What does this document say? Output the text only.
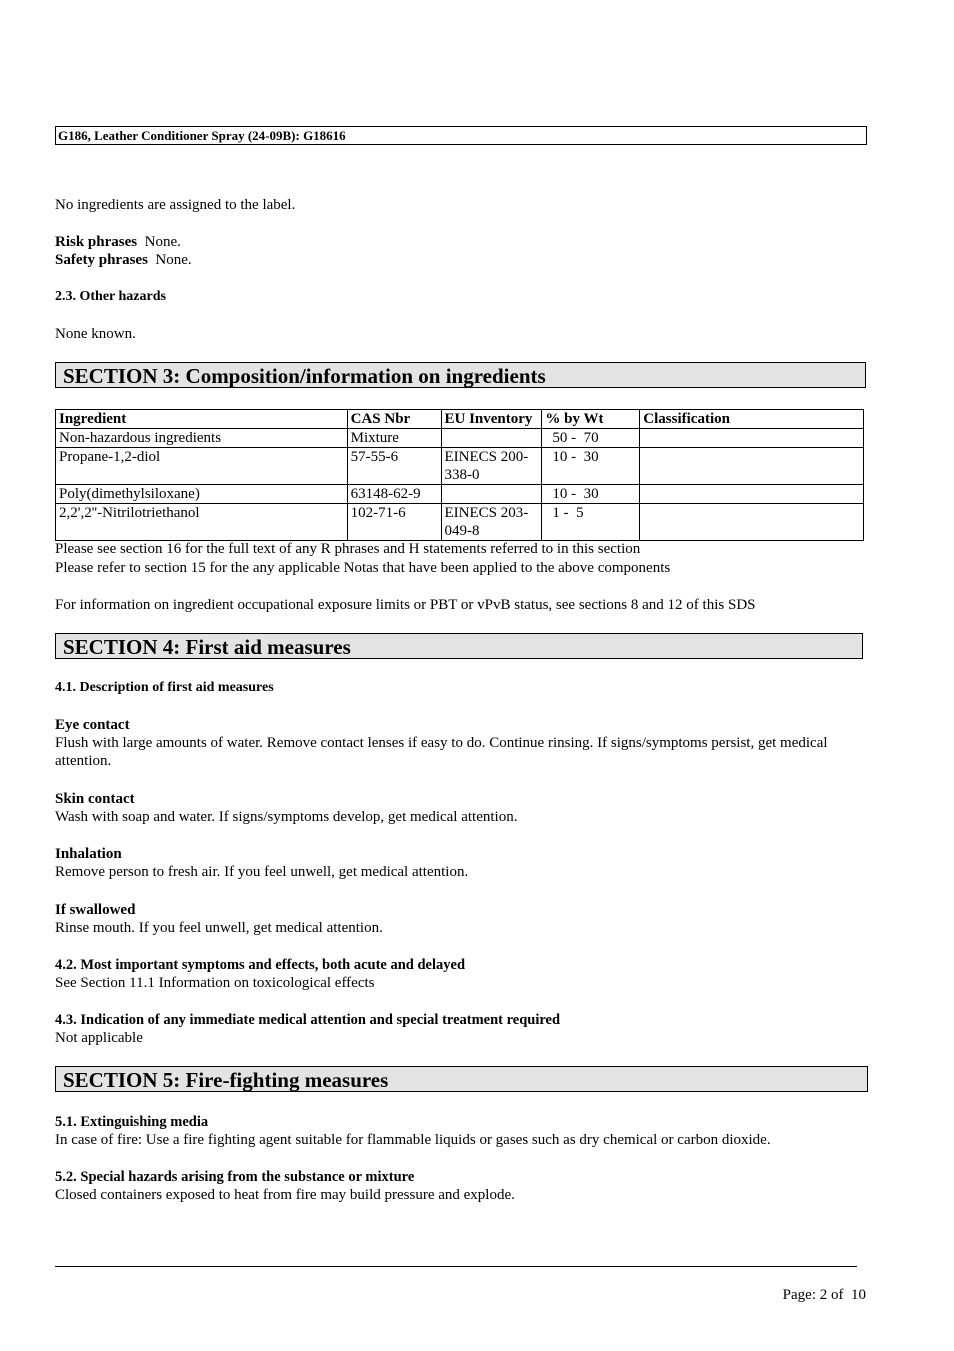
G186, Leather Conditioner Spray (24-09B): G18616
No ingredients are assigned to the label.
Risk phrases None.
Safety phrases None.
2.3. Other hazards
None known.
SECTION 3: Composition/information on ingredients
Ingredient	CAS Nbr	EU Inventory	% by Wt	Classification
Non-hazardous ingredients	Mixture		50 -  70	
Propane-1,2-diol	57-55-6	EINECS 200-338-0	10 -  30	
Poly(dimethylsiloxane)	63148-62-9		10 -  30	
2,2',2''-Nitrilotriethanol	102-71-6	EINECS 203-049-8	1 -  5	
Please see section 16 for the full text of any R phrases and H statements referred to in this section
Please refer to section 15 for the any applicable Notas that have been applied to the above components
For information on ingredient occupational exposure limits or PBT or vPvB status, see sections 8 and 12 of this SDS
SECTION 4: First aid measures
4.1. Description of first aid measures
Eye contact
Flush with large amounts of water. Remove contact lenses if easy to do. Continue rinsing. If signs/symptoms persist, get medical attention.
Skin contact
Wash with soap and water. If signs/symptoms develop, get medical attention.
Inhalation
Remove person to fresh air. If you feel unwell, get medical attention.
If swallowed
Rinse mouth. If you feel unwell, get medical attention.
4.2. Most important symptoms and effects, both acute and delayed
See Section 11.1 Information on toxicological effects
4.3. Indication of any immediate medical attention and special treatment required
Not applicable
SECTION 5: Fire-fighting measures
5.1. Extinguishing media
In case of fire: Use a fire fighting agent suitable for flammable liquids or gases such as dry chemical or carbon dioxide.
5.2. Special hazards arising from the substance or mixture
Closed containers exposed to heat from fire may build pressure and explode.
Page: 2 of  10
